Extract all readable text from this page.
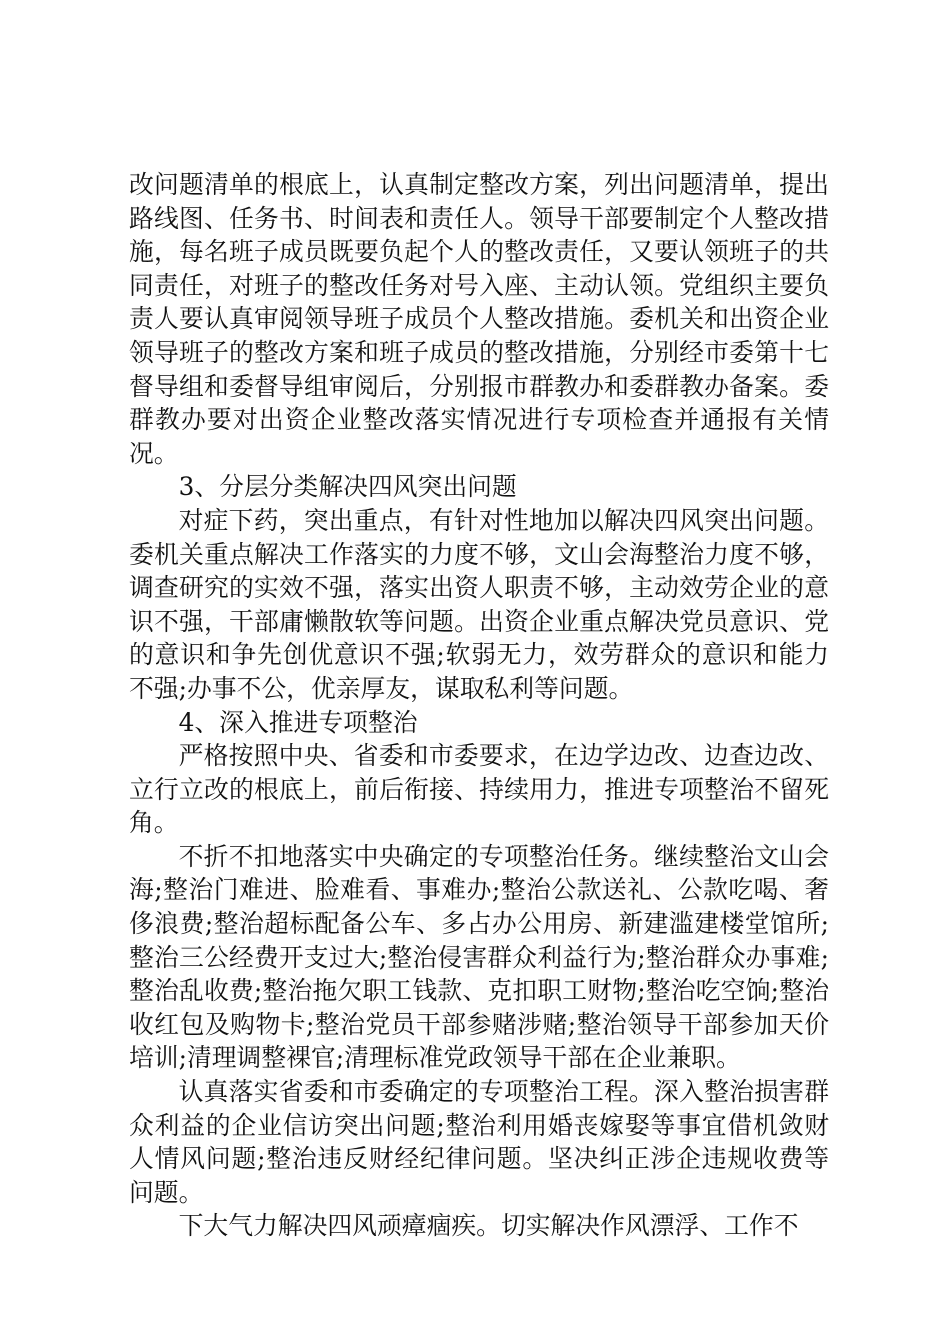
改问题清单的根底上，认真制定整改方案，列出问题清单，提出路线图、任务书、时间表和责任人。领导干部要制定个人整改措施，每名班子成员既要负起个人的整改责任，又要认领班子的共同责任，对班子的整改任务对号入座、主动认领。党组织主要负责人要认真审阅领导班子成员个人整改措施。委机关和出资企业领导班子的整改方案和班子成员的整改措施，分别经市委第十七督导组和委督导组审阅后，分别报市群教办和委群教办备案。委群教办要对出资企业整改落实情况进行专项检查并通报有关情况。

3、分层分类解决四风突出问题

对症下药，突出重点，有针对性地加以解决四风突出问题。委机关重点解决工作落实的力度不够，文山会海整治力度不够，调查研究的实效不强，落实出资人职责不够，主动效劳企业的意识不强，干部庸懒散软等问题。出资企业重点解决党员意识、党的意识和争先创优意识不强;软弱无力，效劳群众的意识和能力不强;办事不公，优亲厚友，谋取私利等问题。

4、深入推进专项整治

严格按照中央、省委和市委要求，在边学边改、边查边改、立行立改的根底上，前后衔接、持续用力，推进专项整治不留死角。

不折不扣地落实中央确定的专项整治任务。继续整治文山会海;整治门难进、脸难看、事难办;整治公款送礼、公款吃喝、奢侈浪费;整治超标配备公车、多占办公用房、新建滥建楼堂馆所;整治三公经费开支过大;整治侵害群众利益行为;整治群众办事难;整治乱收费;整治拖欠职工钱款、克扣职工财物;整治吃空饷;整治收红包及购物卡;整治党员干部参赌涉赌;整治领导干部参加天价培训;清理调整裸官;清理标准党政领导干部在企业兼职。

认真落实省委和市委确定的专项整治工程。深入整治损害群众利益的企业信访突出问题;整治利用婚丧嫁娶等事宜借机敛财人情风问题;整治违反财经纪律问题。坚决纠正涉企违规收费等问题。

下大气力解决四风顽瘴痼疾。切实解决作风漂浮、工作不
